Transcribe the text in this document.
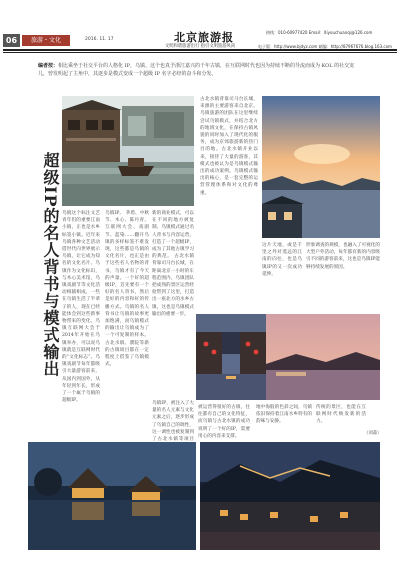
06	旅游・文化	2016. 11. 17	北京旅游报
文明和谐旅游出行 指引文明旅游风尚
热线：010-60977420 Email：Xiyouchuanqi@126.com
电子版：http://www.bjdyz.com 邮编：http://87967676.blog.163.com
编者按：相比乘坐于社交平台的人格化 IP，乌镇、这个也真予浙江嘉兴的千年古镇，在互联网时代也因为持续不断的导流而成为 KOL 的社交宠儿，曾发明起了主角中，其逐步是模式变成一个超级 IP 名字必经的奋斗和分发。
超级IP的名人背书与模式输出 乌镇这个标注文艺青年们的重要江南小镇，正也是水乡标签小镇。近年来乌镇各种文艺活动借世代向世界展示乌镇，让它成为知名的文化名片。乌镇作为文化标识，与木心美术馆，乌镇戏剧节等文化活动相辅相成，一些在乌镇生活了半辈子的人，现在已经能体会到这些新事物带来的变化。乌镇互联网大会于2014年开始在乌镇举办，可以说乌镇就是互联网时代的“文化标志”。乌镇戏剧节每年都吸引大量游客前来，从国内到国外，从年轻到年长，形成了一个属于乌镇的超级IP。
乌镇IP。 茅盾、中秋节、木心、陈丹青、互联网大会、戏剧节、蓝染……翻开乌镇的多样标签不难发现，这些都是乌镇的文化名片，也正是由于这些名人名物的背书，乌镇才有了今天的声量。一个好的超级IP，首先要有一个好的名人背书，然后是好的内容和好的传播方式。乌镇的名人背书让乌镇的故事更加饱满，而乌镇模式的输出让乌镇成为了一个可复制的样本。古北水镇、濮院等新的古镇项目都在一定程度上借鉴了乌镇模式。
新的商业模式，可以在不同的地方被复制。乌镇模式通过名人背书与内容运营，打造了一个超级IP，成为了其他古镇学习的典范。 古北水镇背靠司马台长城，在距离北京一小时的车程范围内，乌镇团队把成熟的景区运营经验带到了这里，打造出一座北方的水乡古镇，这也是乌镇模式输出的重要一步。
古北水镇背靠司马台长城，来源的主要游客来自北京。乌镇旅游的团队在这里继续尝试乌镇模式，并结合北方的地域文化，在保持古镇风貌的同时加入了现代化的服务，成为京郊旅游新的热门目的地。古北水镇开业以来，接待了大量的游客，其模式也被认为是乌镇模式输出的成功案例。乌镇模式输出的核心，是一套完整的运营管理体系和对文化的尊重。
这片天地，或是千里之外对遥远的江南的向往，也是乌镇IP的又一次成功延伸。
形象调查的规模，也融入了可视化的大型户外活动，每年都有新的内容吸引不同的游客前来，这也是乌镇IP能够持续发展的原因。
乌镇IP，被注入了大量的名人元素与文化元素之后，逐步形成了乌镇自己的调性，这一调性也被复制到了古北水镇等项目
被运营得很好的古镇，往往都有自己的文化特征，而乌镇与古北水镇的成功说明了一个好的IP，需要用心的内容来支撑。
地中海般的色彩之间，乌镇依旧保持着江南水乡特有的韵味与安静。
传统的景区，也能在互联网时代焕发新的活力。
（刘淼）
